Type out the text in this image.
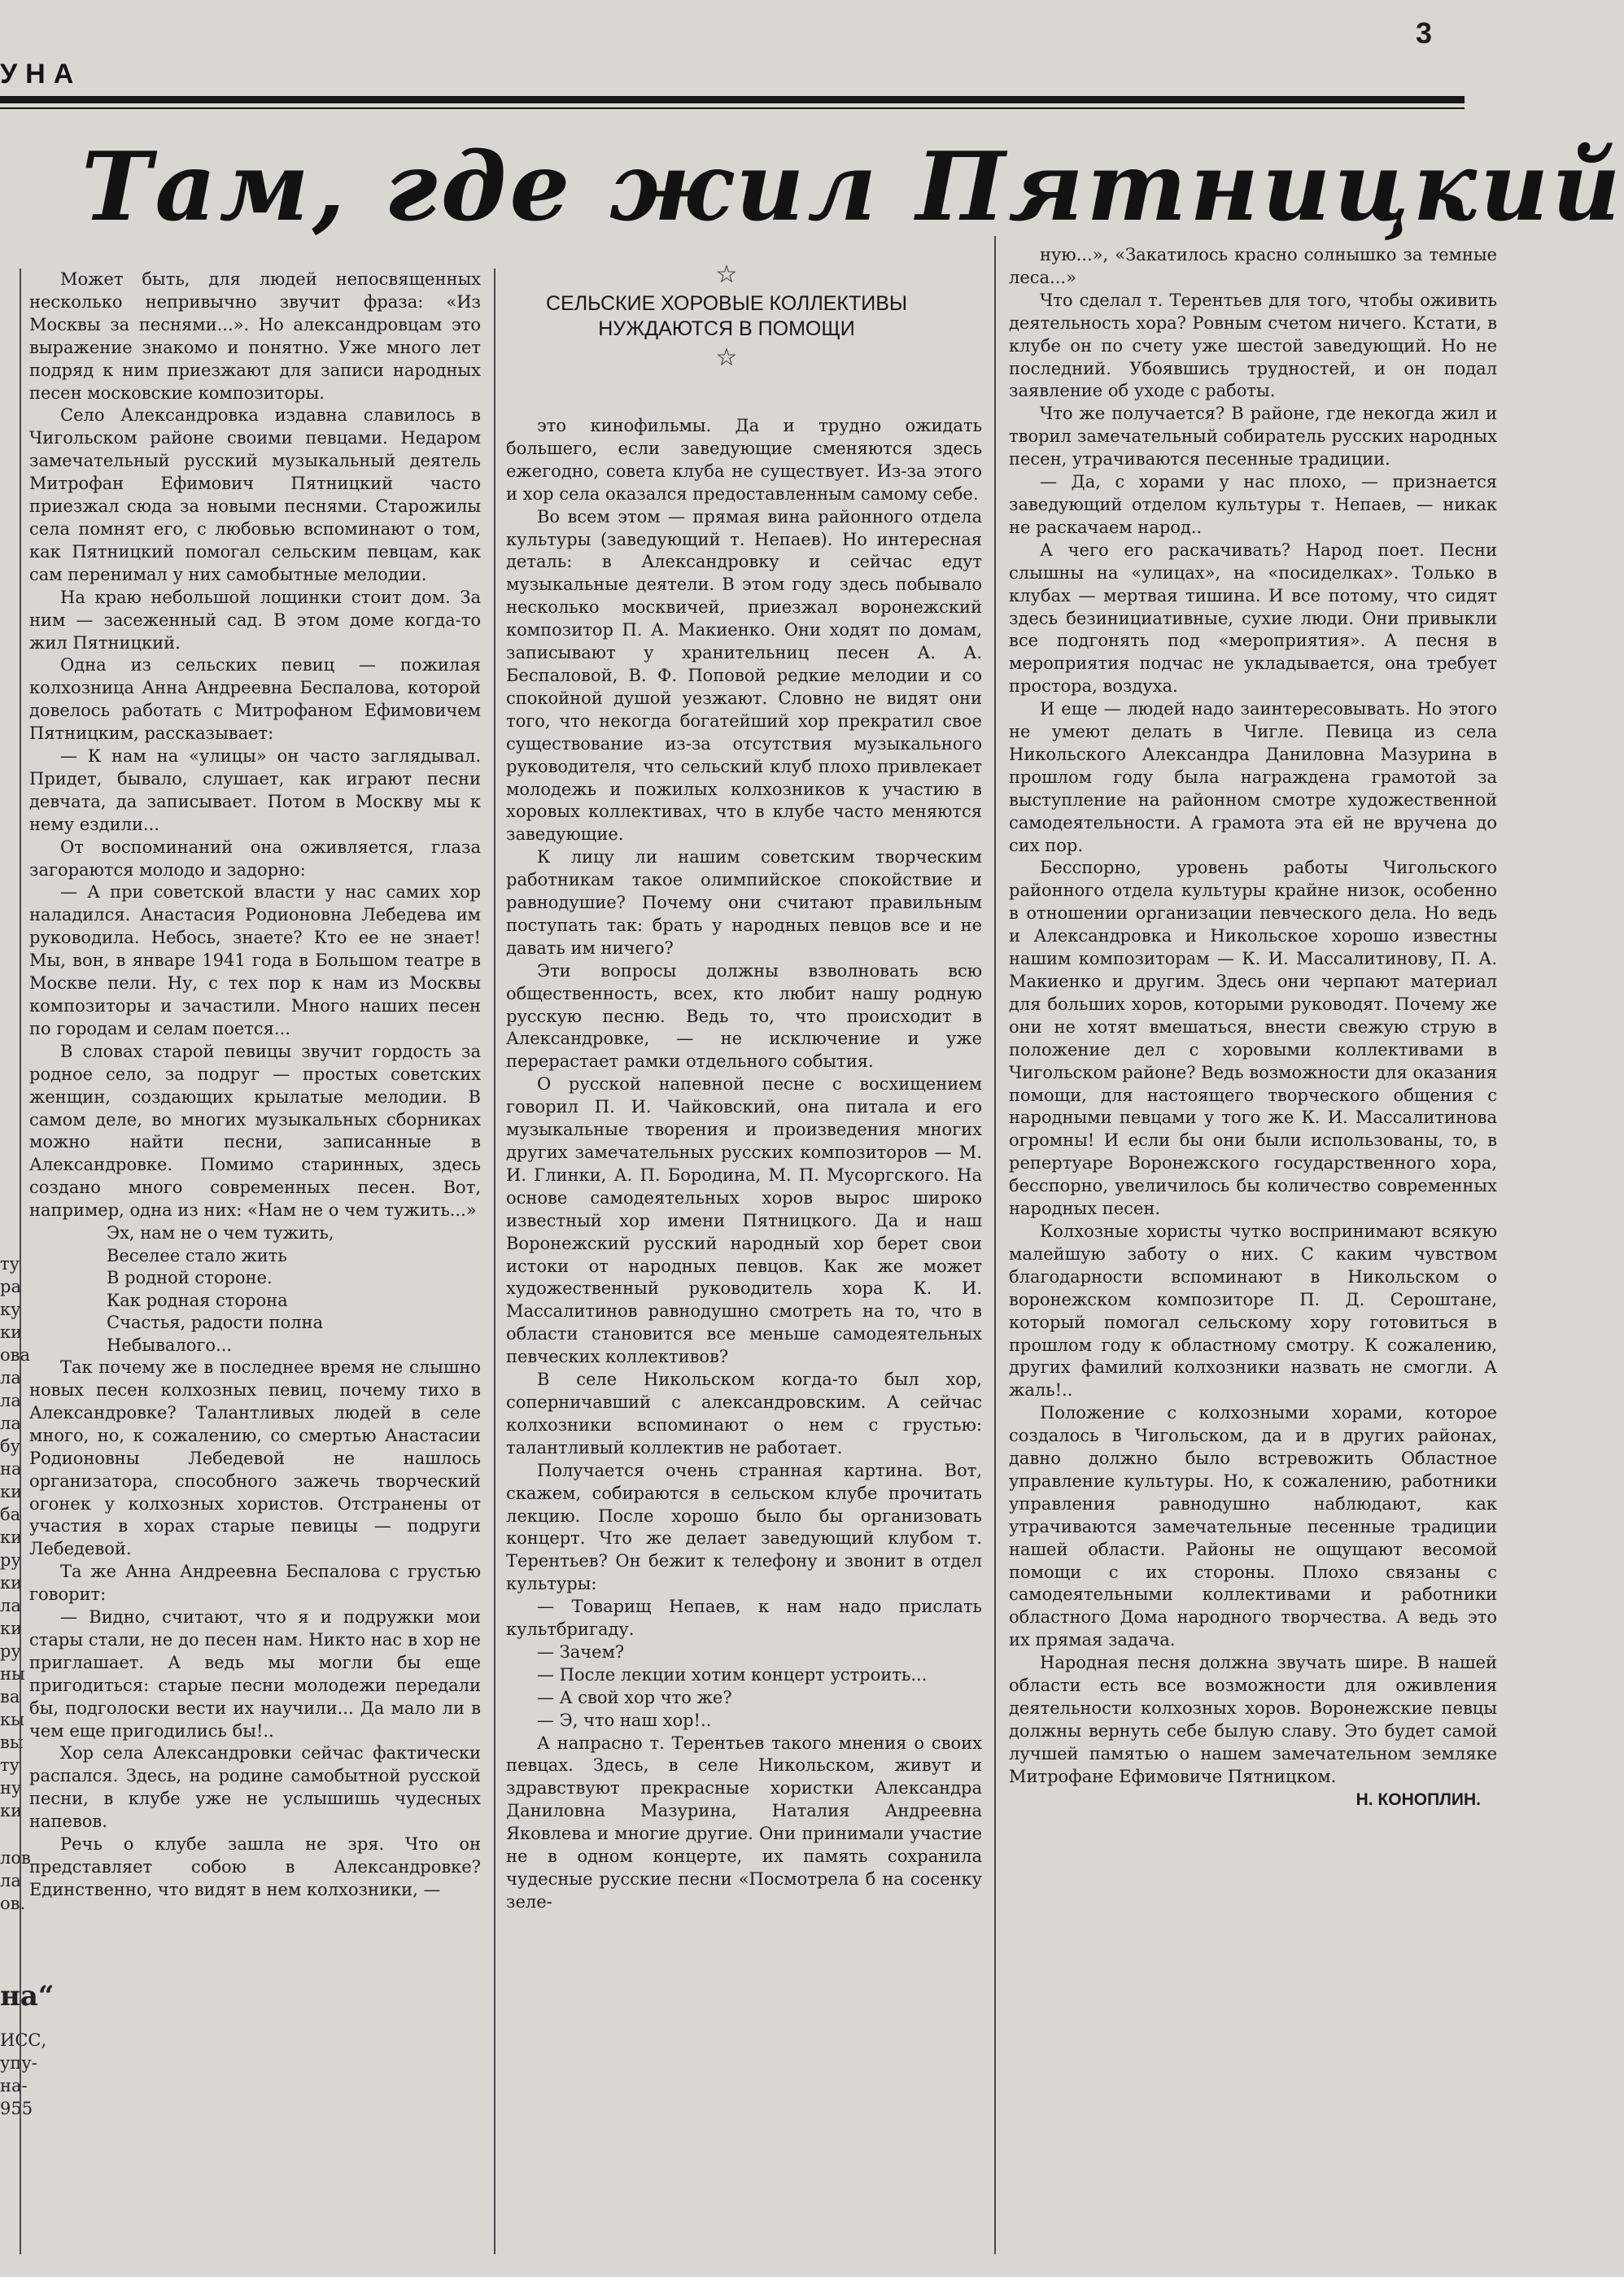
УНА
3
Там, где жил Пятницкий
ту
ра
ку
ки
ова
ла
ла
ла
бу
на
ки
ба
ки
ру
ки
ла
ки
ру
ны
ва
кы
вы
ту
ну
ки
лов
ла
ов.
на“
ИСС,
упу-
на-
955

Может быть, для людей непосвященных несколько непривычно звучит фраза: «Из Москвы за песнями...». Но александровцам это выражение знакомо и понятно. Уже много лет подряд к ним приезжают для записи народных песен московские композиторы.

Село Александровка издавна славилось в Чигольском районе своими певцами. Недаром замечательный русский музыкальный деятель Митрофан Ефимович Пятницкий часто приезжал сюда за новыми песнями. Старожилы села помнят его, с любовью вспоминают о том, как Пятницкий помогал сельским певцам, как сам перенимал у них самобытные мелодии.

На краю небольшой лощинки стоит дом. За ним — засеженный сад. В этом доме когда-то жил Пятницкий.

Одна из сельских певиц — пожилая колхозница Анна Андреевна Беспалова, которой довелось работать с Митрофаном Ефимовичем Пятницким, рассказывает:

— К нам на «улицы» он часто заглядывал. Придет, бывало, слушает, как играют песни девчата, да записывает. Потом в Москву мы к нему ездили...

От воспоминаний она оживляется, глаза загораются молодо и задорно:

— А при советской власти у нас самих хор наладился. Анастасия Родионовна Лебедева им руководила. Небось, знаете? Кто ее не знает! Мы, вон, в январе 1941 года в Большом театре в Москве пели. Ну, с тех пор к нам из Москвы композиторы и зачастили. Много наших песен по городам и селам поется...

В словах старой певицы звучит гордость за родное село, за подруг — простых советских женщин, создающих крылатые мелодии. В самом деле, во многих музыкальных сборниках можно найти песни, записанные в Александровке. Помимо старинных, здесь создано много современных песен. Вот, например, одна из них: «Нам не о чем тужить...»

Эх, нам не о чем тужить,

Веселее стало жить

В родной стороне.

Как родная сторона

Счастья, радости полна

Небывалого...

Так почему же в последнее время не слышно новых песен колхозных певиц, почему тихо в Александровке? Талантливых людей в селе много, но, к сожалению, со смертью Анастасии Родионовны Лебедевой не нашлось организатора, способного зажечь творческий огонек у колхозных хористов. Отстранены от участия в хорах старые певицы — подруги Лебедевой.

Та же Анна Андреевна Беспалова с грустью говорит:

— Видно, считают, что я и подружки мои стары стали, не до песен нам. Никто нас в хор не приглашает. А ведь мы могли бы еще пригодиться: старые песни молодежи передали бы, подголоски вести их научили... Да мало ли в чем еще пригодились бы!..

Хор села Александровки сейчас фактически распался. Здесь, на родине самобытной русской песни, в клубе уже не услышишь чудесных напевов.

Речь о клубе зашла не зря. Что он представляет собою в Александровке? Единственно, что видят в нем колхозники, —

☆
СЕЛЬСКИЕ ХОРОВЫЕ КОЛЛЕКТИВЫ НУЖДАЮТСЯ В ПОМОЩИ
☆

это кинофильмы. Да и трудно ожидать большего, если заведующие сменяются здесь ежегодно, совета клуба не существует. Из-за этого и хор села оказался предоставленным самому себе.

Во всем этом — прямая вина районного отдела культуры (заведующий т. Непаев). Но интересная деталь: в Александровку и сейчас едут музыкальные деятели. В этом году здесь побывало несколько москвичей, приезжал воронежский композитор П. А. Макиенко. Они ходят по домам, записывают у хранительниц песен А. А. Беспаловой, В. Ф. Поповой редкие мелодии и со спокойной душой уезжают. Словно не видят они того, что некогда богатейший хор прекратил свое существование из-за отсутствия музыкального руководителя, что сельский клуб плохо привлекает молодежь и пожилых колхозников к участию в хоровых коллективах, что в клубе часто меняются заведующие.

К лицу ли нашим советским творческим работникам такое олимпийское спокойствие и равнодушие? Почему они считают правильным поступать так: брать у народных певцов все и не давать им ничего?

Эти вопросы должны взволновать всю общественность, всех, кто любит нашу родную русскую песню. Ведь то, что происходит в Александровке, — не исключение и уже перерастает рамки отдельного события.

О русской напевной песне с восхищением говорил П. И. Чайковский, она питала и его музыкальные творения и произведения многих других замечательных русских композиторов — М. И. Глинки, А. П. Бородина, М. П. Мусоргского. На основе самодеятельных хоров вырос широко известный хор имени Пятницкого. Да и наш Воронежский русский народный хор берет свои истоки от народных певцов. Как же может художественный руководитель хора К. И. Массалитинов равнодушно смотреть на то, что в области становится все меньше самодеятельных певческих коллективов?

В селе Никольском когда-то был хор, соперничавший с александровским. А сейчас колхозники вспоминают о нем с грустью: талантливый коллектив не работает.

Получается очень странная картина. Вот, скажем, собираются в сельском клубе прочитать лекцию. После хорошо было бы организовать концерт. Что же делает заведующий клубом т. Терентьев? Он бежит к телефону и звонит в отдел культуры:

— Товарищ Непаев, к нам надо прислать культбригаду.

— Зачем?

— После лекции хотим концерт устроить...

— А свой хор что же?

— Э, что наш хор!..

А напрасно т. Терентьев такого мнения о своих певцах. Здесь, в селе Никольском, живут и здравствуют прекрасные хористки Александра Даниловна Мазурина, Наталия Андреевна Яковлева и многие другие. Они принимали участие не в одном концерте, их память сохранила чудесные русские песни «Посмотрела б на сосенку зеле-

ную...», «Закатилось красно солнышко за темные леса...»

Что сделал т. Терентьев для того, чтобы оживить деятельность хора? Ровным счетом ничего. Кстати, в клубе он по счету уже шестой заведующий. Но не последний. Убоявшись трудностей, и он подал заявление об уходе с работы.

Что же получается? В районе, где некогда жил и творил замечательный собиратель русских народных песен, утрачиваются песенные традиции.

— Да, с хорами у нас плохо, — признается заведующий отделом культуры т. Непаев, — никак не раскачаем народ..

А чего его раскачивать? Народ поет. Песни слышны на «улицах», на «посиделках». Только в клубах — мертвая тишина. И все потому, что сидят здесь безинициативные, сухие люди. Они привыкли все подгонять под «мероприятия». А песня в мероприятия подчас не укладывается, она требует простора, воздуха.

И еще — людей надо заинтересовывать. Но этого не умеют делать в Чигле. Певица из села Никольского Александра Даниловна Мазурина в прошлом году была награждена грамотой за выступление на районном смотре художественной самодеятельности. А грамота эта ей не вручена до сих пор.

Бесспорно, уровень работы Чигольского районного отдела культуры крайне низок, особенно в отношении организации певческого дела. Но ведь и Александровка и Никольское хорошо известны нашим композиторам — К. И. Массалитинову, П. А. Макиенко и другим. Здесь они черпают материал для больших хоров, которыми руководят. Почему же они не хотят вмешаться, внести свежую струю в положение дел с хоровыми коллективами в Чигольском районе? Ведь возможности для оказания помощи, для настоящего творческого общения с народными певцами у того же К. И. Массалитинова огромны! И если бы они были использованы, то, в репертуаре Воронежского государственного хора, бесспорно, увеличилось бы количество современных народных песен.

Колхозные хористы чутко воспринимают всякую малейшую заботу о них. С каким чувством благодарности вспоминают в Никольском о воронежском композиторе П. Д. Сероштане, который помогал сельскому хору готовиться в прошлом году к областному смотру. К сожалению, других фамилий колхозники назвать не смогли. А жаль!..

Положение с колхозными хорами, которое создалось в Чигольском, да и в других районах, давно должно было встревожить Областное управление культуры. Но, к сожалению, работники управления равнодушно наблюдают, как утрачиваются замечательные песенные традиции нашей области. Районы не ощущают весомой помощи с их стороны. Плохо связаны с самодеятельными коллективами и работники областного Дома народного творчества. А ведь это их прямая задача.

Народная песня должна звучать шире. В нашей области есть все возможности для оживления деятельности колхозных хоров. Воронежские певцы должны вернуть себе былую славу. Это будет самой лучшей памятью о нашем замечательном земляке Митрофане Ефимовиче Пятницком.

Н. КОНОПЛИН.
